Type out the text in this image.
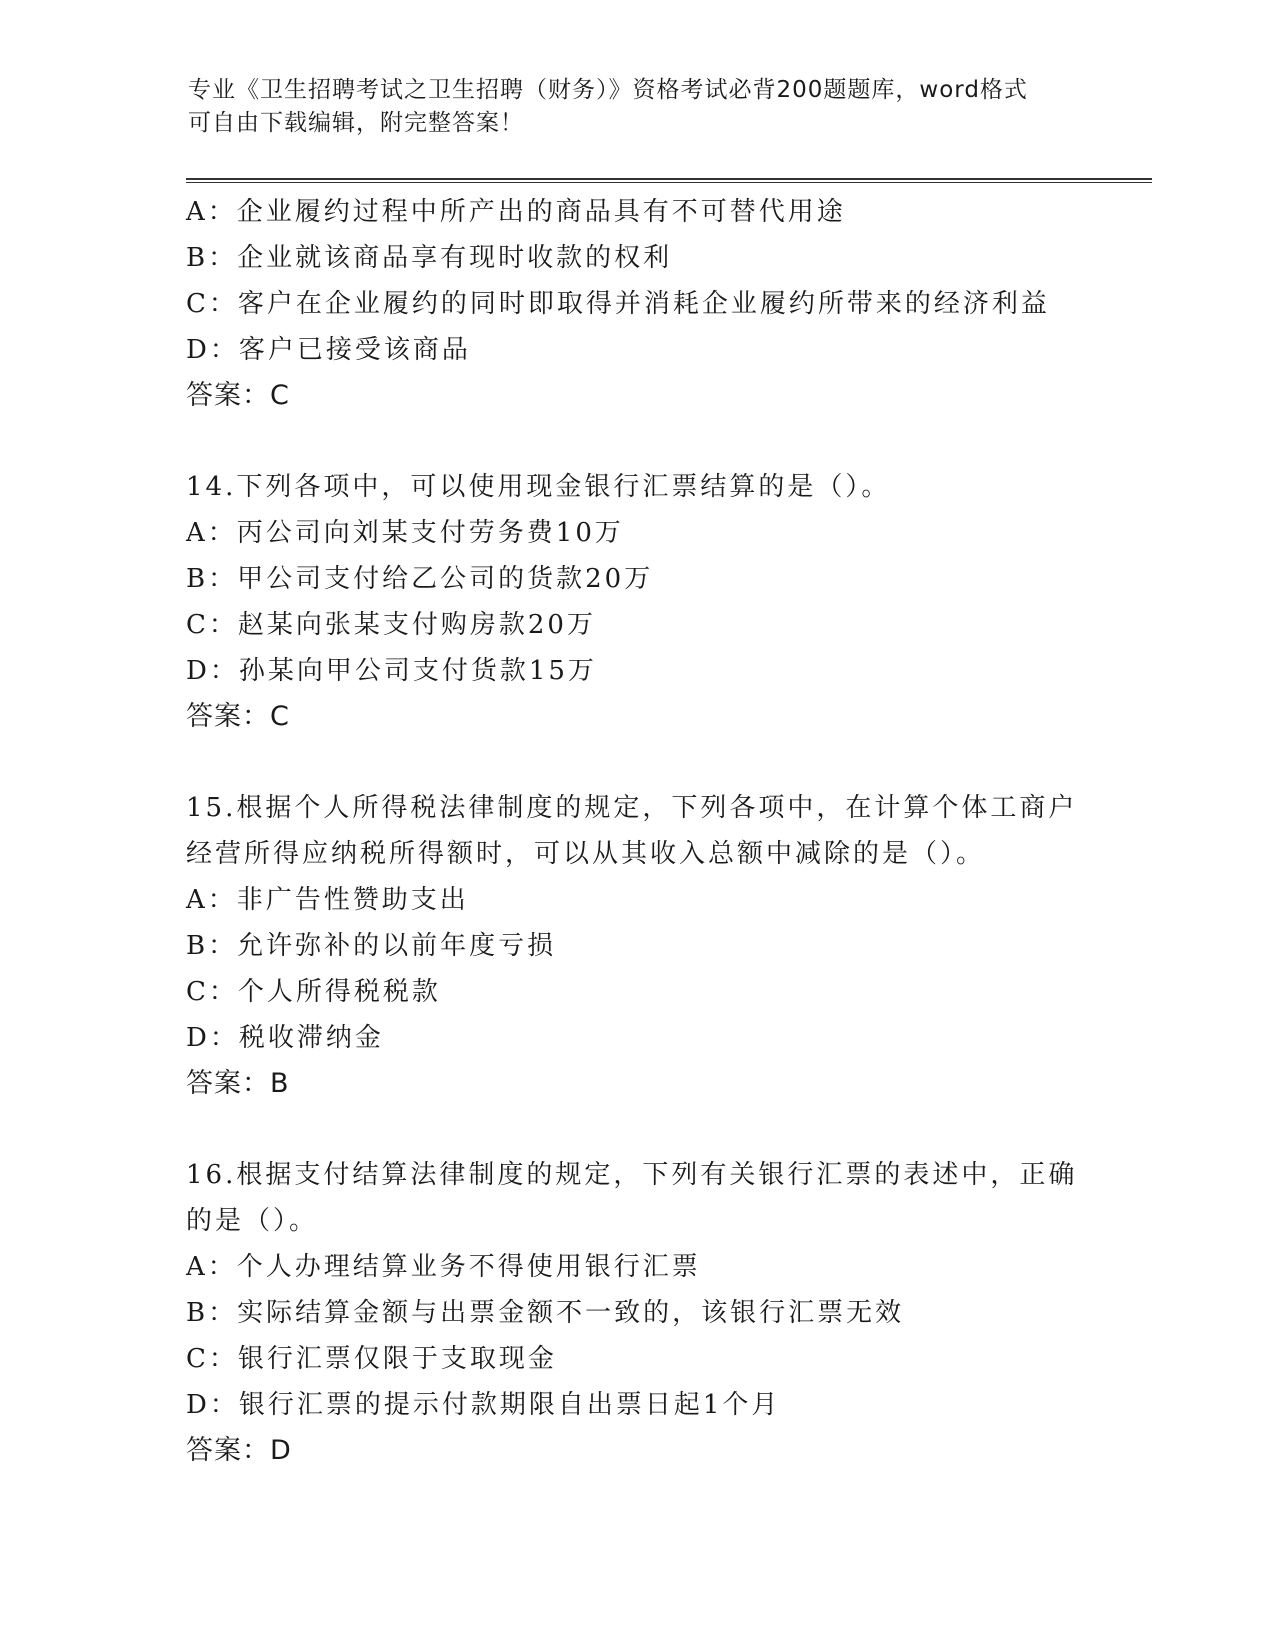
专业《卫生招聘考试之卫生招聘（财务）》资格考试必背200题题库，word格式
可自由下载编辑，附完整答案！
A：企业履约过程中所产出的商品具有不可替代用途
B：企业就该商品享有现时收款的权利
C：客户在企业履约的同时即取得并消耗企业履约所带来的经济利益
D：客户已接受该商品
答案：C
14.下列各项中，可以使用现金银行汇票结算的是（）。
A：丙公司向刘某支付劳务费10万
B：甲公司支付给乙公司的货款20万
C：赵某向张某支付购房款20万
D：孙某向甲公司支付货款15万
答案：C
15.根据个人所得税法律制度的规定，下列各项中，在计算个体工商户
经营所得应纳税所得额时，可以从其收入总额中减除的是（）。
A：非广告性赞助支出
B：允许弥补的以前年度亏损
C：个人所得税税款
D：税收滞纳金
答案：B
16.根据支付结算法律制度的规定，下列有关银行汇票的表述中，正确
的是（）。
A：个人办理结算业务不得使用银行汇票
B：实际结算金额与出票金额不一致的，该银行汇票无效
C：银行汇票仅限于支取现金
D：银行汇票的提示付款期限自出票日起1个月
答案：D
